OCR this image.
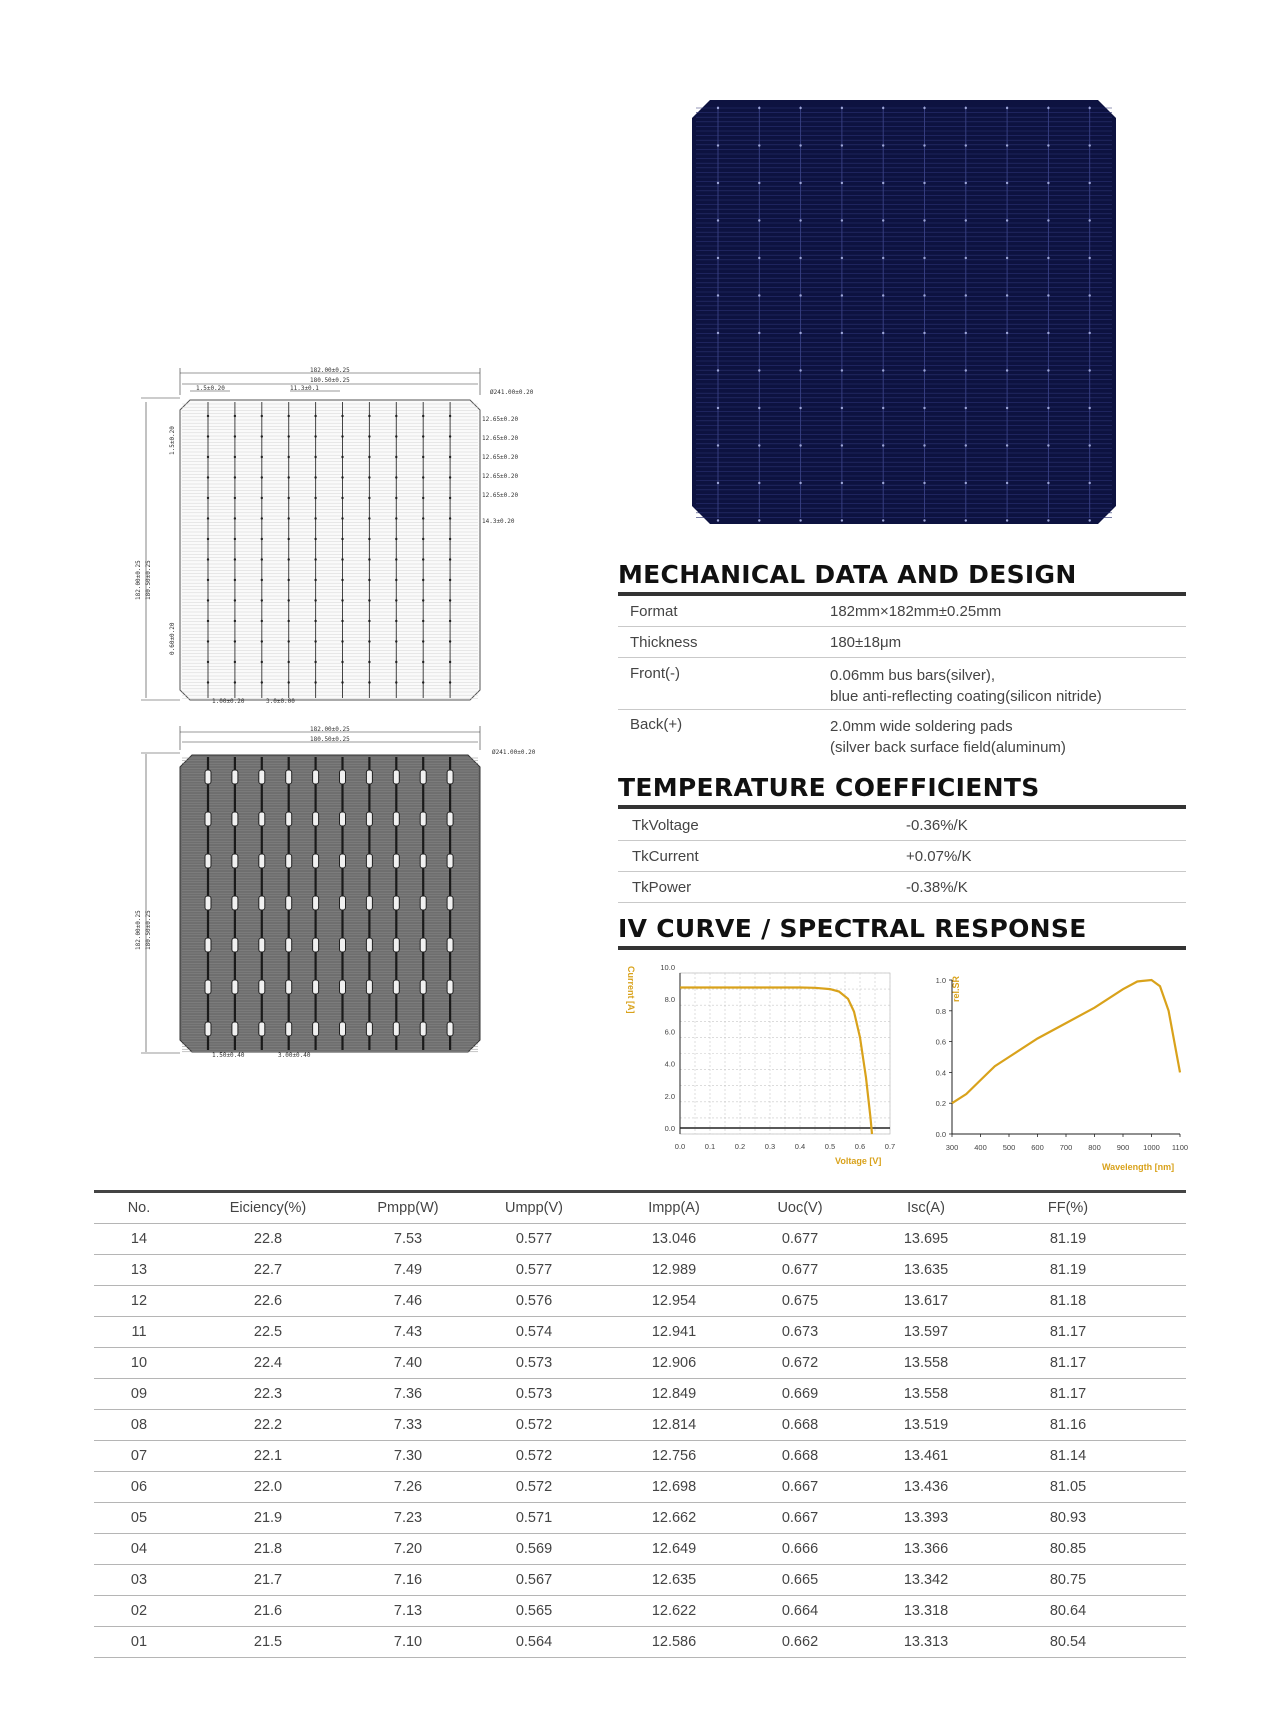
182.00±0.25
180.50±0.25
1.5±0.20	11.3±0.1
Ø241.00±0.20
182.00±0.25 180.50±0.25
1.5±0.20
0.60±0.20
12.65±0.20
12.65±0.20
12.65±0.20
12.65±0.20
12.65±0.20
14.3±0.20
1.00±0.20	3.0±0.00
182.00±0.25
180.50±0.25
Ø241.00±0.20
182.00±0.25 180.50±0.25
1.50±0.40	3.00±0.40
MECHANICAL DATA AND DESIGN
Format	182mm×182mm±0.25mm
Thickness	180±18μm
Front(-)	0.06mm bus bars(silver),
blue anti-reflecting coating(silicon nitride)
Back(+)	2.0mm wide soldering pads
(silver back surface field(aluminum)
TEMPERATURE COEFFICIENTS
TkVoltage	-0.36%/K
TkCurrent	+0.07%/K
TkPower	-0.38%/K
IV CURVE / SPECTRAL RESPONSE
0.0	0.1	0.2	0.3	0.4	0.5	0.6	0.7
0.0
2.0
4.0
6.0
8.0
10.0
Current [A]
Voltage [V]
300 400 500 600 700 800 900 1000 1100
0.0
0.2
0.4
0.6
0.8
1.0 rel.SR
Wavelength [nm]
No.	Eiciency(%)	Pmpp(W)	Umpp(V)	Impp(A)	Uoc(V)	Isc(A)	FF(%)
14	22.8	7.53	0.577	13.046	0.677	13.695	81.19
13	22.7	7.49	0.577	12.989	0.677	13.635	81.19
12	22.6	7.46	0.576	12.954	0.675	13.617	81.18
11	22.5	7.43	0.574	12.941	0.673	13.597	81.17
10	22.4	7.40	0.573	12.906	0.672	13.558	81.17
09	22.3	7.36	0.573	12.849	0.669	13.558	81.17
08	22.2	7.33	0.572	12.814	0.668	13.519	81.16
07	22.1	7.30	0.572	12.756	0.668	13.461	81.14
06	22.0	7.26	0.572	12.698	0.667	13.436	81.05
05	21.9	7.23	0.571	12.662	0.667	13.393	80.93
04	21.8	7.20	0.569	12.649	0.666	13.366	80.85
03	21.7	7.16	0.567	12.635	0.665	13.342	80.75
02	21.6	7.13	0.565	12.622	0.664	13.318	80.64
01	21.5	7.10	0.564	12.586	0.662	13.313	80.54
